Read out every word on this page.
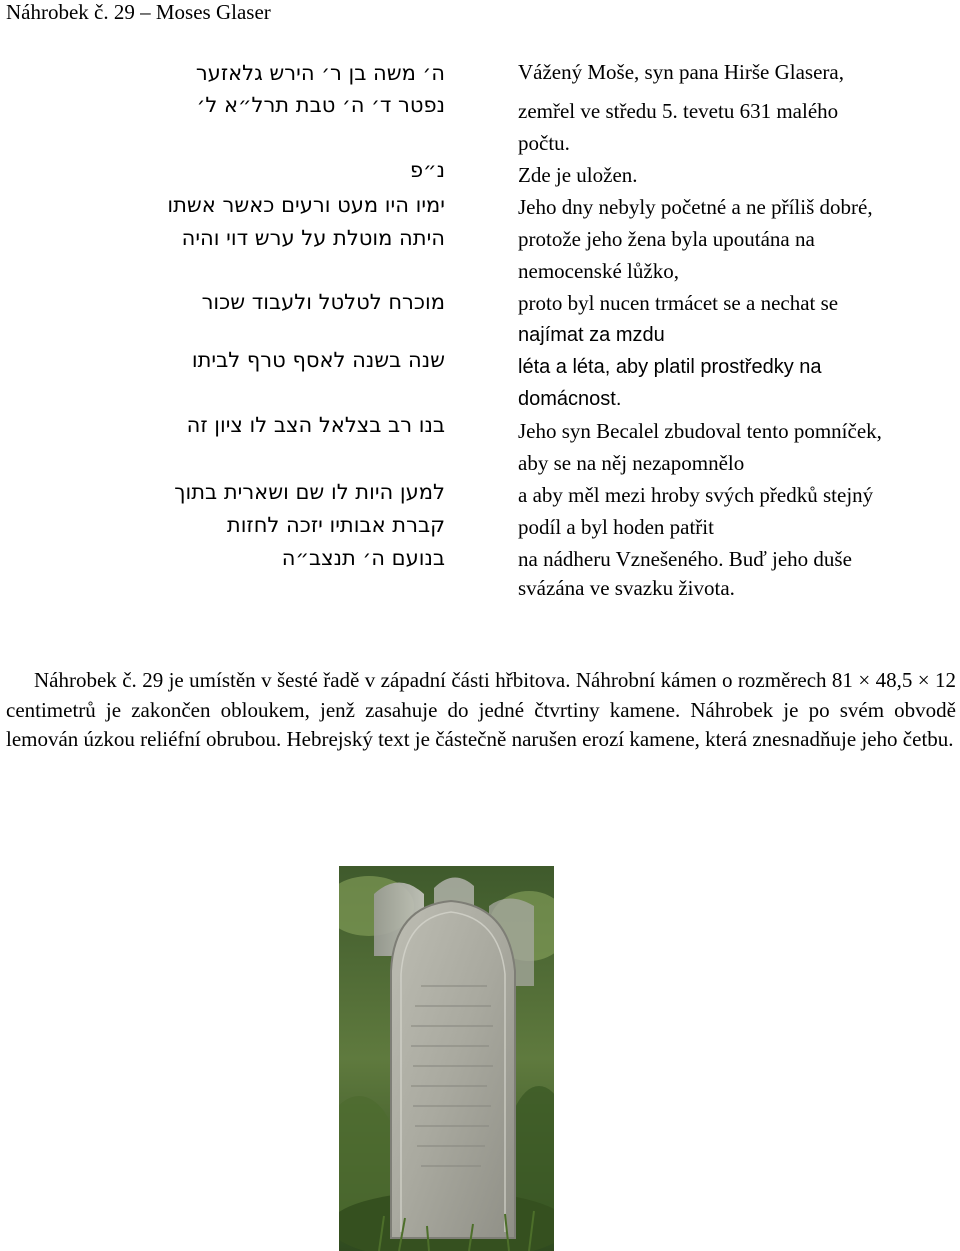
Náhrobek č. 29 – Moses Glaser
ה׳ משה בן ר׳ הירש גלאזער
נפטר ד׳ ה׳ טבת תרל״א ל׳
נ״פ
ימיו היו מעט ורעים כאשר אשתו
היתה מוטלת על ערש דוי והיה
מוכרח לטלטל ולעבוד שכור
שנה בשנה לאסף טרף לביתו
בנו רב בצלאל הצב לו ציון זה
למען היות לו שם ושארית בתוך
קברת אבותיו יזכה לחזות
בנועם ה׳ תנצב״ה
Vážený Moše, syn pana Hirše Glasera,
zemřel ve středu 5. tevetu 631 malého
počtu.
Zde je uložen.
Jeho dny nebyly početné a ne příliš dobré,
protože jeho žena byla upoutána na
nemocenské lůžko,
proto byl nucen trmácet se a nechat se
najímat za mzdu
léta a léta, aby platil prostředky na
domácnost.
Jeho syn Becalel zbudoval tento pomníček,
aby se na něj nezapomnělo
a aby měl mezi hroby svých předků stejný
podíl a byl hoden patřit
na nádheru Vznešeného. Buď jeho duše
svázána ve svazku života.
Náhrobek č. 29 je umístěn v šesté řadě v západní části hřbitova. Náhrobní kámen o rozměrech 81 × 48,5 × 12 centimetrů je zakončen obloukem, jenž zasahuje do jedné čtvrtiny kamene. Náhrobek je po svém obvodě lemován úzkou reliéfní obrubou. Hebrejský text je částečně narušen erozí kamene, která znesnadňuje jeho četbu.
